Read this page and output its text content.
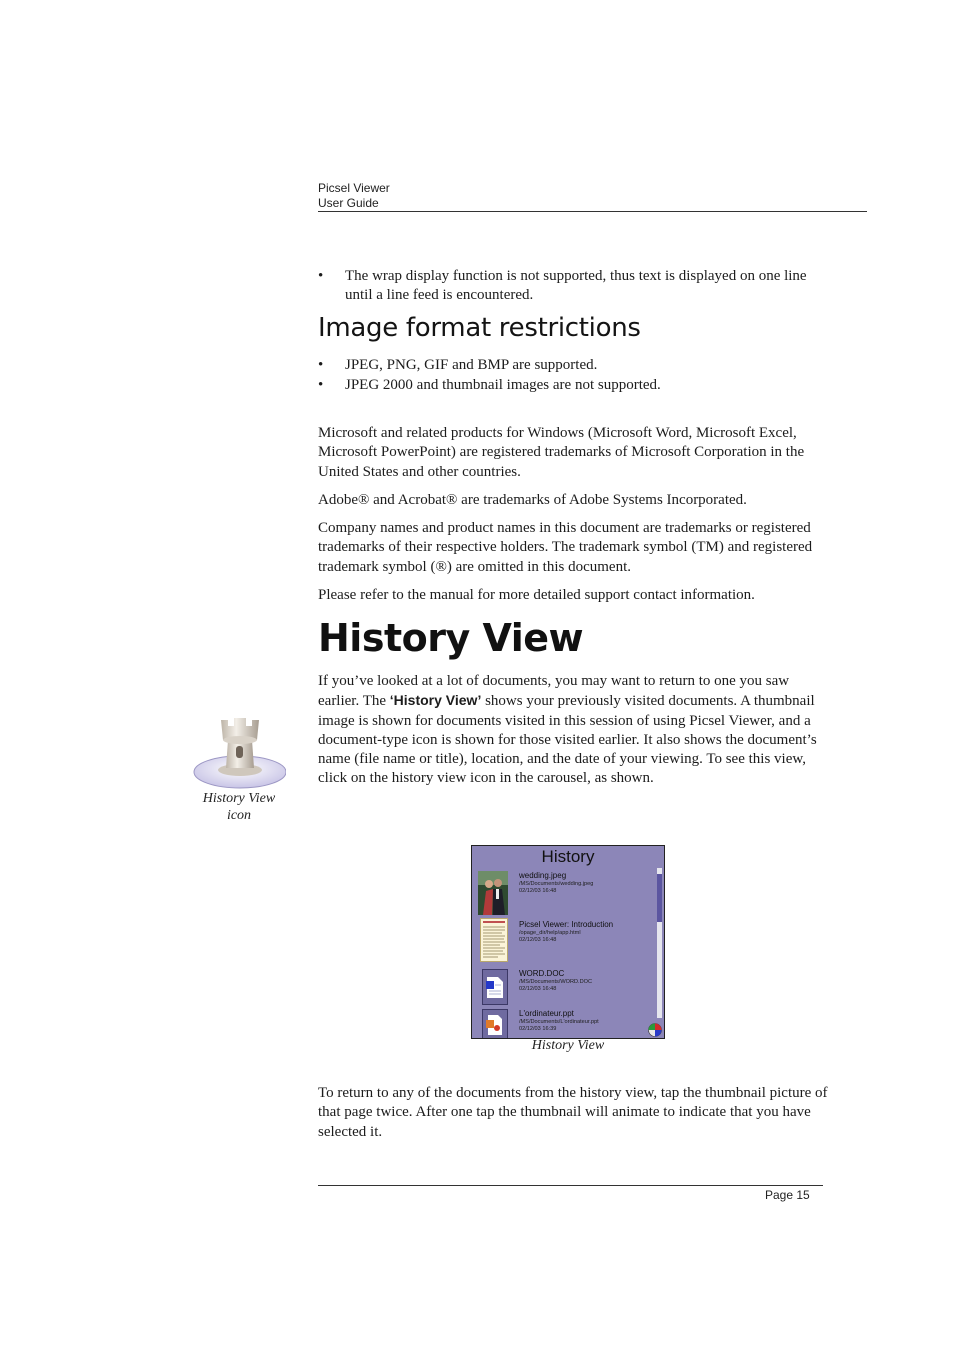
Picsel Viewer
User Guide
• The wrap display function is not supported, thus text is displayed on one line until a line feed is encountered.
Image format restrictions
• JPEG, PNG, GIF and BMP are supported.
• JPEG 2000 and thumbnail images are not supported.

Microsoft and related products for Windows (Microsoft Word, Microsoft Excel, Microsoft PowerPoint) are registered trademarks of Microsoft Corporation in the United States and other countries.

Adobe® and Acrobat® are trademarks of Adobe Systems Incorporated.

Company names and product names in this document are trademarks or registered trademarks of their respective holders. The trademark symbol (TM) and registered trademark symbol (®) are omitted in this document.

Please refer to the manual for more detailed support contact information.

History View

If you’ve looked at a lot of documents, you may want to return to one you saw earlier. The ‘History View’ shows your previously visited documents. A thumbnail image is shown for documents visited in this session of using Picsel Viewer, and a document-type icon is shown for those visited earlier. It also shows the document’s name (file name or title), location, and the date of your viewing. To see this view, click on the history view icon in the carousel, as shown.

History View icon
History
wedding.jpeg
/MS/Documents/wedding.jpeg
02/12/03 16:48
Picsel Viewer: Introduction
/opage_dir/help/app.html
02/12/03 16:48
WORD.DOC
/MS/Documents/WORD.DOC
02/12/03 16:48
L'ordinateur.ppt
/MS/Documents/L'ordinateur.ppt
02/12/03 16:39
History View

To return to any of the documents from the history view, tap the thumbnail picture of that page twice. After one tap the thumbnail will animate to indicate that you have selected it.

Page 15
